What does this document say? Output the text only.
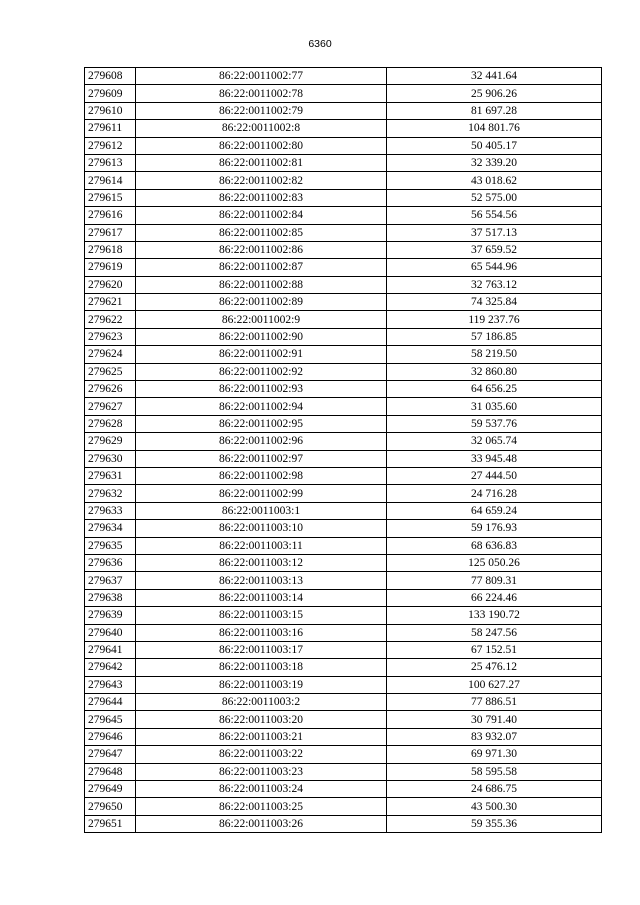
6360
279608	86:22:0011002:77	32 441.64
279609	86:22:0011002:78	25 906.26
279610	86:22:0011002:79	81 697.28
279611	86:22:0011002:8	104 801.76
279612	86:22:0011002:80	50 405.17
279613	86:22:0011002:81	32 339.20
279614	86:22:0011002:82	43 018.62
279615	86:22:0011002:83	52 575.00
279616	86:22:0011002:84	56 554.56
279617	86:22:0011002:85	37 517.13
279618	86:22:0011002:86	37 659.52
279619	86:22:0011002:87	65 544.96
279620	86:22:0011002:88	32 763.12
279621	86:22:0011002:89	74 325.84
279622	86:22:0011002:9	119 237.76
279623	86:22:0011002:90	57 186.85
279624	86:22:0011002:91	58 219.50
279625	86:22:0011002:92	32 860.80
279626	86:22:0011002:93	64 656.25
279627	86:22:0011002:94	31 035.60
279628	86:22:0011002:95	59 537.76
279629	86:22:0011002:96	32 065.74
279630	86:22:0011002:97	33 945.48
279631	86:22:0011002:98	27 444.50
279632	86:22:0011002:99	24 716.28
279633	86:22:0011003:1	64 659.24
279634	86:22:0011003:10	59 176.93
279635	86:22:0011003:11	68 636.83
279636	86:22:0011003:12	125 050.26
279637	86:22:0011003:13	77 809.31
279638	86:22:0011003:14	66 224.46
279639	86:22:0011003:15	133 190.72
279640	86:22:0011003:16	58 247.56
279641	86:22:0011003:17	67 152.51
279642	86:22:0011003:18	25 476.12
279643	86:22:0011003:19	100 627.27
279644	86:22:0011003:2	77 886.51
279645	86:22:0011003:20	30 791.40
279646	86:22:0011003:21	83 932.07
279647	86:22:0011003:22	69 971.30
279648	86:22:0011003:23	58 595.58
279649	86:22:0011003:24	24 686.75
279650	86:22:0011003:25	43 500.30
279651	86:22:0011003:26	59 355.36
